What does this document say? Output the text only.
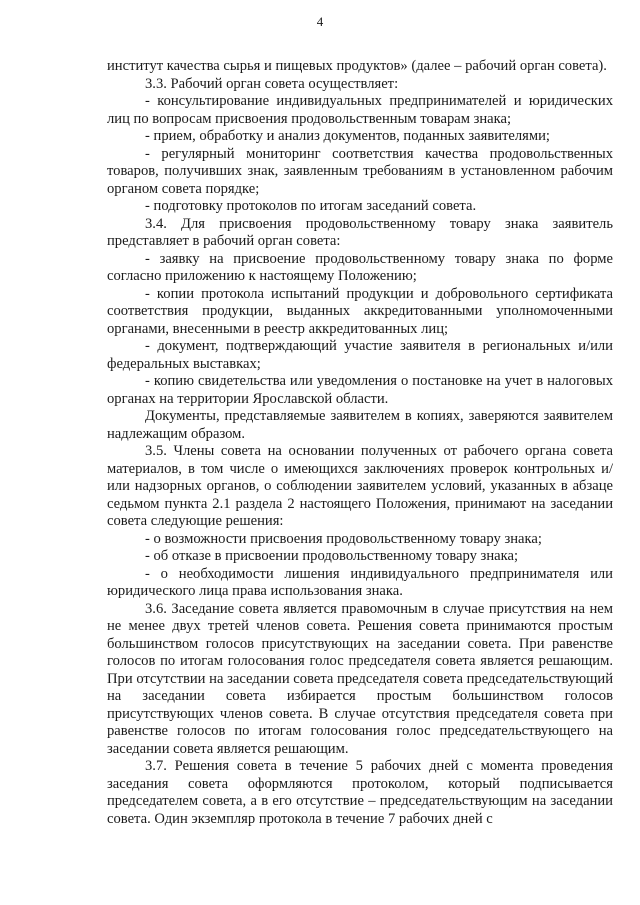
4

институт качества сырья и пищевых продуктов» (далее – рабочий орган совета).

3.3. Рабочий орган совета осуществляет:

- консультирование индивидуальных предпринимателей и юридических лиц по вопросам присвоения продовольственным товарам знака;

- прием, обработку и анализ документов, поданных заявителями;

- регулярный мониторинг соответствия качества продовольственных товаров, получивших знак, заявленным требованиям в установленном рабочим органом совета порядке;

- подготовку протоколов по итогам заседаний совета.

3.4. Для присвоения продовольственному товару знака заявитель представляет в рабочий орган совета:

- заявку на присвоение продовольственному товару знака по форме согласно приложению к настоящему Положению;

- копии протокола испытаний продукции и добровольного сертификата соответствия продукции, выданных аккредитованными уполномоченными органами, внесенными в реестр аккредитованных лиц;

- документ, подтверждающий участие заявителя в региональных и/или федеральных выставках;

- копию свидетельства или уведомления о постановке на учет в налоговых органах на территории Ярославской области.

Документы, представляемые заявителем в копиях, заверяются заявителем надлежащим образом.

3.5. Члены совета на основании полученных от рабочего органа совета материалов, в том числе о имеющихся заключениях проверок контрольных и/или надзорных органов, о соблюдении заявителем условий, указанных в абзаце седьмом пункта 2.1 раздела 2 настоящего Положения, принимают на заседании совета следующие решения:

- о возможности присвоения продовольственному товару знака;

- об отказе в присвоении продовольственному товару знака;

- о необходимости лишения индивидуального предпринимателя или юридического лица права использования знака.

3.6. Заседание совета является правомочным в случае присутствия на нем не менее двух третей членов совета. Решения совета принимаются простым большинством голосов присутствующих на заседании совета. При равенстве голосов по итогам голосования голос председателя совета является решающим. При отсутствии на заседании совета председателя совета председательствующий на заседании совета избирается простым большинством голосов присутствующих членов совета. В случае отсутствия председателя совета при равенстве голосов по итогам голосования голос председательствующего на заседании совета является решающим.

3.7. Решения совета в течение 5 рабочих дней с момента проведения заседания совета оформляются протоколом, который подписывается председателем совета, а в его отсутствие – председательствующим на заседании совета. Один экземпляр протокола в течение 7 рабочих дней с
